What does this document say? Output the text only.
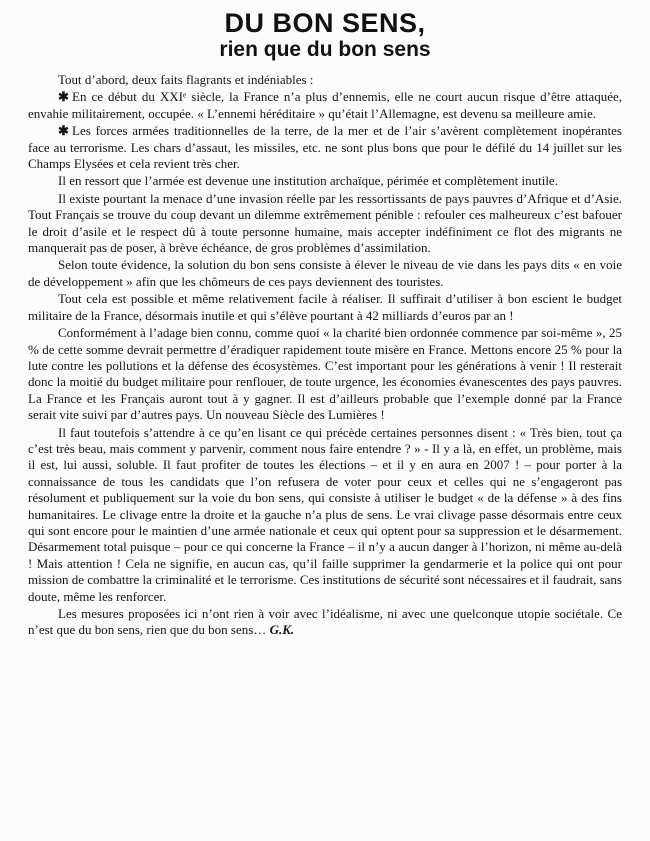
DU BON SENS,
rien que du bon sens

Tout d’abord, deux faits flagrants et indéniables :

✱ En ce début du XXIᵉ siècle, la France n’a plus d’ennemis, elle ne court aucun risque d’être attaquée, envahie militairement, occupée. « L’ennemi héréditaire » qu’était l’Allemagne, est devenu sa meilleure amie.

✱ Les forces armées traditionnelles de la terre, de la mer et de l’air s’avèrent complètement inopérantes face au terrorisme. Les chars d’assaut, les missiles, etc. ne sont plus bons que pour le défilé du 14 juillet sur les Champs Elysées et cela revient très cher.

Il en ressort que l’armée est devenue une institution archaïque, périmée et complètement inutile.

Il existe pourtant la menace d’une invasion réelle par les ressortissants de pays pauvres d’Afrique et d’Asie. Tout Français se trouve du coup devant un dilemme extrêmement pénible : refouler ces malheureux c’est bafouer le droit d’asile et le respect dû à toute personne humaine, mais accepter indéfiniment ce flot des migrants ne manquerait pas de poser, à brève échéance, de gros problèmes d’assimilation.

Selon toute évidence, la solution du bon sens consiste à élever le niveau de vie dans les pays dits « en voie de développement » afin que les chômeurs de ces pays deviennent des touristes.

Tout cela est possible et même relativement facile à réaliser. Il suffirait d’utiliser à bon escient le budget militaire de la France, désormais inutile et qui s’élève pourtant à 42 milliards d’euros par an !

Conformément à l’adage bien connu, comme quoi « la charité bien ordonnée commence par soi-même », 25 % de cette somme devrait permettre d’éradiquer rapidement toute misère en France. Mettons encore 25 % pour la lute contre les pollutions et la défense des écosystèmes. C’est important pour les générations à venir ! Il resterait donc la moitié du budget militaire pour renflouer, de toute urgence, les économies évanescentes des pays pauvres. La France et les Français auront tout à y gagner. Il est d’ailleurs probable que l’exemple donné par la France serait vite suivi par d’autres pays. Un nouveau Siècle des Lumières !

Il faut toutefois s’attendre à ce qu’en lisant ce qui précède certaines personnes disent : « Très bien, tout ça c’est très beau, mais comment y parvenir, comment nous faire entendre ? » - Il y a là, en effet, un problème, mais il est, lui aussi, soluble. Il faut profiter de toutes les élections – et il y en aura en 2007 ! – pour porter à la connaissance de tous les candidats que l’on refusera de voter pour ceux et celles qui ne s’engageront pas résolument et publiquement sur la voie du bon sens, qui consiste à utiliser le budget « de la défense » à des fins humanitaires. Le clivage entre la droite et la gauche n’a plus de sens. Le vrai clivage passe désormais entre ceux qui sont encore pour le maintien d’une armée nationale et ceux qui optent pour sa suppression et le désarmement. Désarmement total puisque – pour ce qui concerne la France – il n’y a aucun danger à l’horizon, ni même au-delà ! Mais attention ! Cela ne signifie, en aucun cas, qu’il faille supprimer la gendarmerie et la police qui ont pour mission de combattre la criminalité et le terrorisme. Ces institutions de sécurité sont nécessaires et il faudrait, sans doute, même les renforcer.

Les mesures proposées ici n’ont rien à voir avec l’idéalisme, ni avec une quelconque utopie sociétale. Ce n’est que du bon sens, rien que du bon sens… G.K.
